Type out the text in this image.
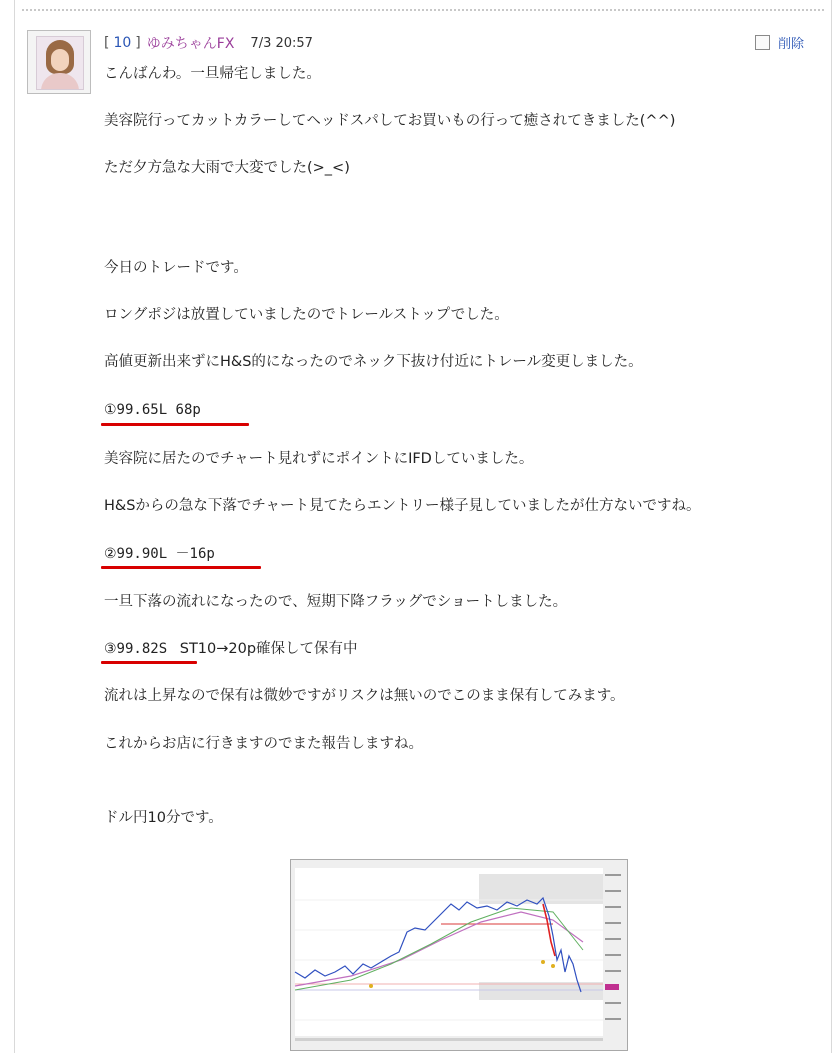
[ 10 ] ゆみちゃんFX 7/3 20:57	削除
こんばんわ。一旦帰宅しました。
美容院行ってカットカラーしてヘッドスパしてお買いもの行って癒されてきました(^^)
ただ夕方急な大雨で大変でした(>_<)
今日のトレードです。
ロングポジは放置していましたのでトレールストップでした。
高値更新出来ずにH&S的になったのでネック下抜け付近にトレール変更しました。
①99.65L 68p
美容院に居たのでチャート見れずにポイントにIFDしていました。
H&Sからの急な下落でチャート見てたらエントリー様子見していましたが仕方ないですね。
②99.90L －16p
一旦下落の流れになったので、短期下降フラッグでショートしました。
③99.82S ST10→20p確保して保有中
流れは上昇なので保有は微妙ですがリスクは無いのでこのまま保有してみます。
これからお店に行きますのでまた報告しますね。
ドル円10分です。
